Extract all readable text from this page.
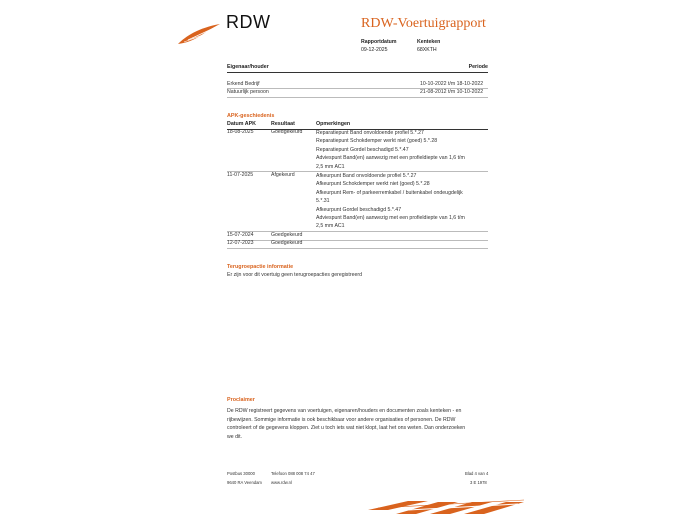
RDW	RDW-Voertuigrapport
Rapportdatum
09-12-2025
Kenteken
68XKTH
Eigenaar/houder	Periode
Erkend Bedrijf	10-10-2022 t/m 18-10-2022
Natuurlijk persoon	21-08-2012 t/m 10-10-2022
APK-geschiedenis
Datum APK	Resultaat	Opmerkingen
18-08-2025	Goedgekeurd	Reparatiepunt Band onvoldoende profiel 5.*.27
Reparatiepunt Schokdemper werkt niet (goed) 5.*.28
Reparatiepunt Gordel beschadigd 5.*.47
Adviespunt Band(en) aanwezig met een profieldiepte van 1,6 t/m
2,5 mm AC1
11-07-2025	Afgekeurd	Afkeurpunt Band onvoldoende profiel 5.*.27
Afkeurpunt Schokdemper werkt niet (goed) 5.*.28
Afkeurpunt Rem- of parkeerremkabel / buitenkabel ondeugdelijk
5.*.31
Afkeurpunt Gordel beschadigd 5.*.47
Adviespunt Band(en) aanwezig met een profieldiepte van 1,6 t/m
2,5 mm AC1
15-07-2024	Goedgekeurd
12-07-2023	Goedgekeurd
Terugroepactie informatie
Er zijn voor dit voertuig geen terugroepacties geregistreerd
Proclaimer
De RDW registreert gegevens van voertuigen, eigenaren/houders en documenten zoals kenteken - en
rijbewijzen. Sommige informatie is ook beschikbaar voor andere organisaties of personen. De RDW
controleert of de gegevens kloppen. Ziet u toch iets wat niet klopt, laat het ons weten. Dan onderzoeken
we dit.
Postbus 30000
9640 RA Veendam
Telefoon 088 008 74 47
www.rdw.nl
Blad 4 van 4
3 E 1978
